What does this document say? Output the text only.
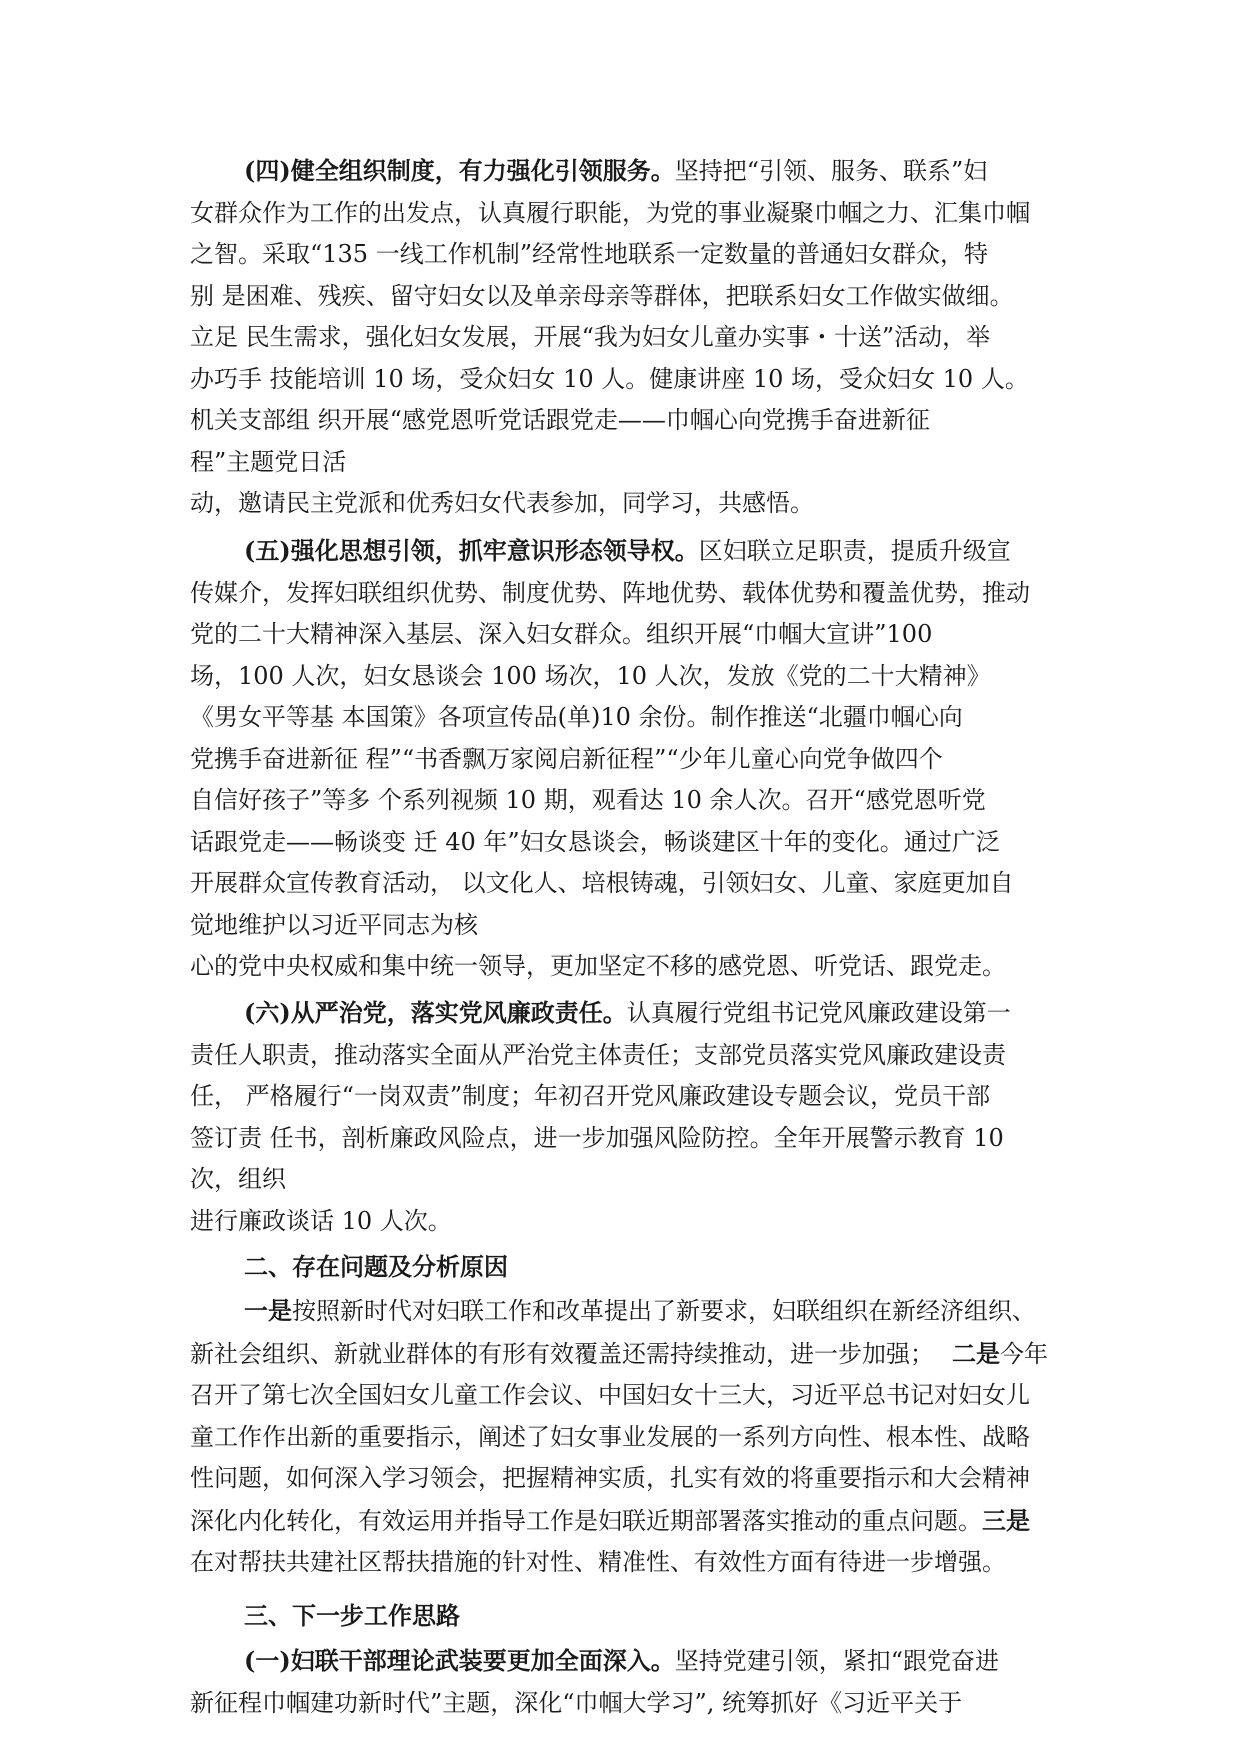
(四)健全组织制度，有力强化引领服务。坚持把“引领、服务、联系”妇
女群众作为工作的出发点，认真履行职能，为党的事业凝聚巾帼之力、汇集巾帼
之智。采取“135 一线工作机制”经常性地联系一定数量的普通妇女群众，特
别 是困难、残疾、留守妇女以及单亲母亲等群体，把联系妇女工作做实做细。
立足 民生需求，强化妇女发展，开展“我为妇女儿童办实事・十送”活动，举
办巧手 技能培训 10 场，受众妇女 10 人。健康讲座 10 场，受众妇女 10 人。
机关支部组 织开展“感党恩听党话跟党走——巾帼心向党携手奋进新征
程”主题党日活
动，邀请民主党派和优秀妇女代表参加，同学习，共感悟。
(五)强化思想引领，抓牢意识形态领导权。区妇联立足职责，提质升级宣
传媒介，发挥妇联组织优势、制度优势、阵地优势、载体优势和覆盖优势，推动
党的二十大精神深入基层、深入妇女群众。组织开展“巾帼大宣讲”100
场，100 人次，妇女恳谈会 100 场次，10 人次，发放《党的二十大精神》
《男女平等基 本国策》各项宣传品(单)10 余份。制作推送“北疆巾帼心向
党携手奋进新征 程”“书香飘万家阅启新征程”“少年儿童心向党争做四个
自信好孩子”等多 个系列视频 10 期，观看达 10 余人次。召开“感党恩听党
话跟党走——畅谈变 迁 40 年”妇女恳谈会，畅谈建区十年的变化。通过广泛
开展群众宣传教育活动， 以文化人、培根铸魂，引领妇女、儿童、家庭更加自
觉地维护以习近平同志为核
心的党中央权威和集中统一领导，更加坚定不移的感党恩、听党话、跟党走。
(六)从严治党，落实党风廉政责任。认真履行党组书记党风廉政建设第一
责任人职责，推动落实全面从严治党主体责任；支部党员落实党风廉政建设责
任， 严格履行“一岗双责”制度；年初召开党风廉政建设专题会议，党员干部
签订责 任书，剖析廉政风险点，进一步加强风险防控。全年开展警示教育 10
次，组织
进行廉政谈话 10 人次。
二、存在问题及分析原因
一是按照新时代对妇联工作和改革提出了新要求，妇联组织在新经济组织、
新社会组织、新就业群体的有形有效覆盖还需持续推动，进一步加强； 二是今年
召开了第七次全国妇女儿童工作会议、中国妇女十三大，习近平总书记对妇女儿
童工作作出新的重要指示，阐述了妇女事业发展的一系列方向性、根本性、战略
性问题，如何深入学习领会，把握精神实质，扎实有效的将重要指示和大会精神
深化内化转化，有效运用并指导工作是妇联近期部署落实推动的重点问题。三是
在对帮扶共建社区帮扶措施的针对性、精准性、有效性方面有待进一步增强。
三、下一步工作思路
(一)妇联干部理论武装要更加全面深入。坚持党建引领，紧扣“跟党奋进
新征程巾帼建功新时代”主题，深化“巾帼大学习”, 统筹抓好《习近平关于
